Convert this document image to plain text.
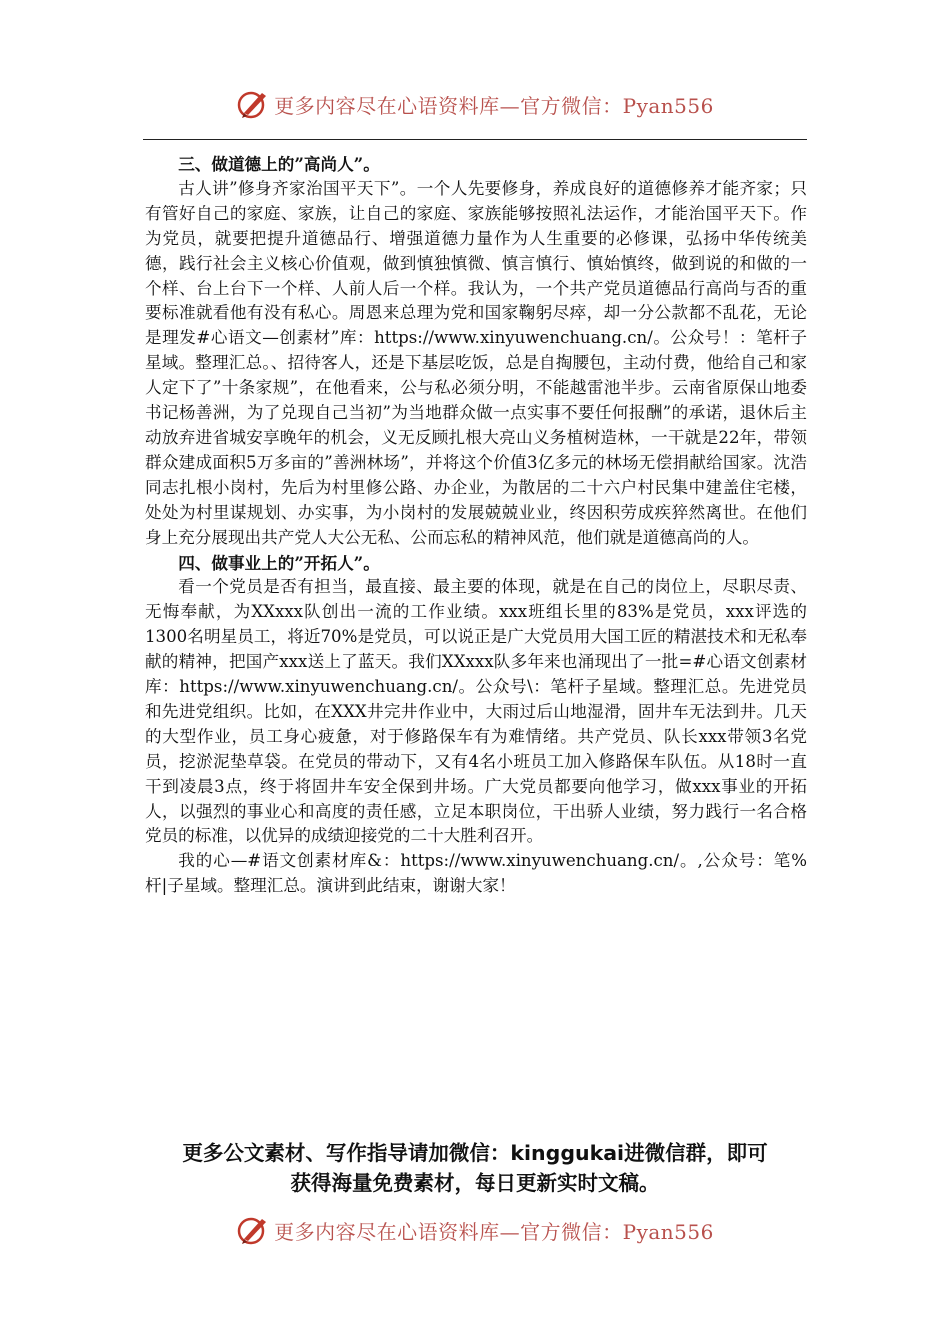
更多内容尽在心语资料库—官方微信：Pyan556

三、做道德上的”高尚人”。

古人讲”修身齐家治国平天下”。一个人先要修身，养成良好的道德修养才能齐家；只有管好自己的家庭、家族，让自己的家庭、家族能够按照礼法运作，才能治国平天下。作为党员，就要把提升道德品行、增强道德力量作为人生重要的必修课，弘扬中华传统美德，践行社会主义核心价值观，做到慎独慎微、慎言慎行、慎始慎终，做到说的和做的一个样、台上台下一个样、人前人后一个样。我认为，一个共产党员道德品行高尚与否的重要标准就看他有没有私心。周恩来总理为党和国家鞠躬尽瘁，却一分公款都不乱花，无论是理发#心语文—创素材”库：https://www.xinyuwenchuang.cn/。公众号！：笔杆子星域。整理汇总。、招待客人，还是下基层吃饭，总是自掏腰包，主动付费，他给自己和家人定下了”十条家规”，在他看来，公与私必须分明，不能越雷池半步。云南省原保山地委书记杨善洲，为了兑现自己当初”为当地群众做一点实事不要任何报酬”的承诺，退休后主动放弃进省城安享晚年的机会，义无反顾扎根大亮山义务植树造林，一干就是22年，带领群众建成面积5万多亩的”善洲林场”，并将这个价值3亿多元的林场无偿捐献给国家。沈浩同志扎根小岗村，先后为村里修公路、办企业，为散居的二十六户村民集中建盖住宅楼，处处为村里谋规划、办实事，为小岗村的发展兢兢业业，终因积劳成疾猝然离世。在他们身上充分展现出共产党人大公无私、公而忘私的精神风范，他们就是道德高尚的人。

四、做事业上的”开拓人”。

看一个党员是否有担当，最直接、最主要的体现，就是在自己的岗位上，尽职尽责、无悔奉献，为XXxxx队创出一流的工作业绩。xxx班组长里的83%是党员，xxx评选的1300名明星员工，将近70%是党员，可以说正是广大党员用大国工匠的精湛技术和无私奉献的精神，把国产xxx送上了蓝天。我们XXxxx队多年来也涌现出了一批=#心语文创素材库：https://www.xinyuwenchuang.cn/。公众号\：笔杆子星域。整理汇总。先进党员和先进党组织。比如，在XXX井完井作业中，大雨过后山地湿滑，固井车无法到井。几天的大型作业，员工身心疲惫，对于修路保车有为难情绪。共产党员、队长xxx带领3名党员，挖淤泥垫草袋。在党员的带动下，又有4名小班员工加入修路保车队伍。从18时一直干到凌晨3点，终于将固井车安全保到井场。广大党员都要向他学习，做xxx事业的开拓人，以强烈的事业心和高度的责任感，立足本职岗位，干出骄人业绩，努力践行一名合格党员的标准，以优异的成绩迎接党的二十大胜利召开。

我的心—#语文创素材库&：https://www.xinyuwenchuang.cn/。,公众号：笔%杆|子星域。整理汇总。演讲到此结束，谢谢大家！

更多公文素材、写作指导请加微信：kinggukai进微信群，即可
获得海量免费素材，每日更新实时文稿。
更多内容尽在心语资料库—官方微信：Pyan556
